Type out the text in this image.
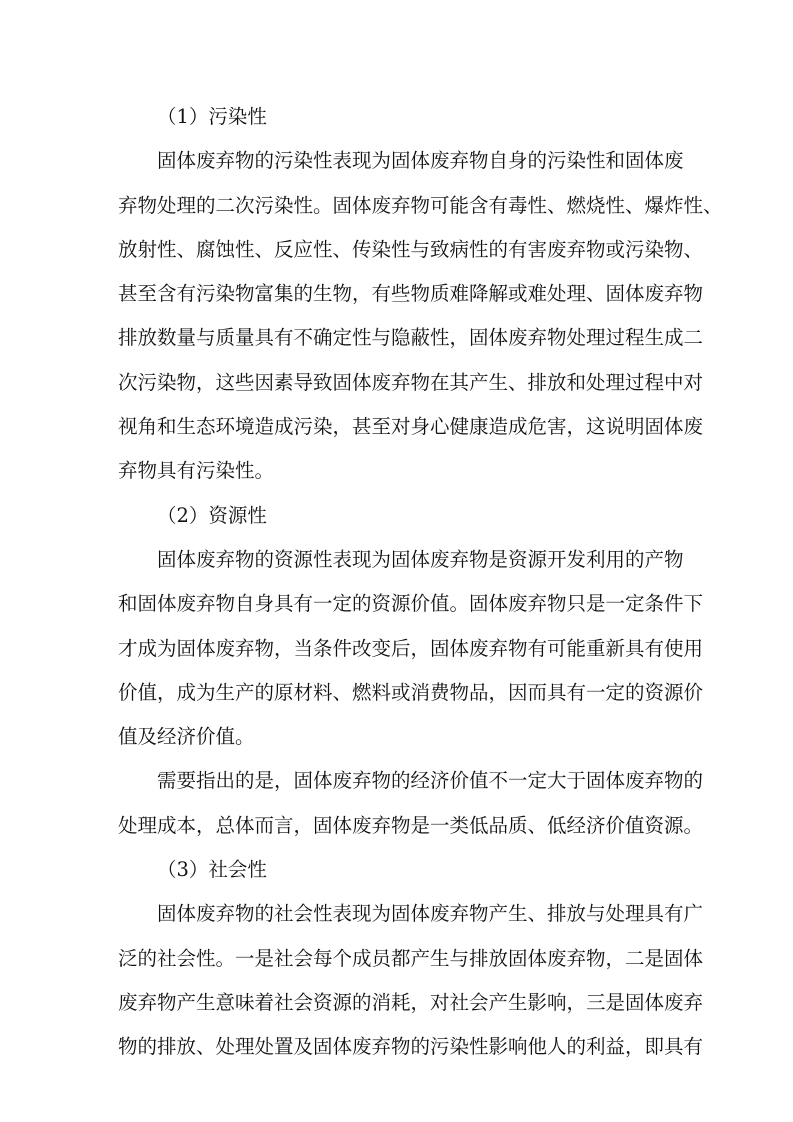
（1）污染性
固体废弃物的污染性表现为固体废弃物自身的污染性和固体废
弃物处理的二次污染性。固体废弃物可能含有毒性、燃烧性、爆炸性、
放射性、腐蚀性、反应性、传染性与致病性的有害废弃物或污染物、
甚至含有污染物富集的生物，有些物质难降解或难处理、固体废弃物
排放数量与质量具有不确定性与隐蔽性，固体废弃物处理过程生成二
次污染物，这些因素导致固体废弃物在其产生、排放和处理过程中对
视角和生态环境造成污染，甚至对身心健康造成危害，这说明固体废
弃物具有污染性。
（2）资源性
固体废弃物的资源性表现为固体废弃物是资源开发利用的产物
和固体废弃物自身具有一定的资源价值。固体废弃物只是一定条件下
才成为固体废弃物，当条件改变后，固体废弃物有可能重新具有使用
价值，成为生产的原材料、燃料或消费物品，因而具有一定的资源价
值及经济价值。
需要指出的是，固体废弃物的经济价值不一定大于固体废弃物的
处理成本，总体而言，固体废弃物是一类低品质、低经济价值资源。
（3）社会性
固体废弃物的社会性表现为固体废弃物产生、排放与处理具有广
泛的社会性。一是社会每个成员都产生与排放固体废弃物，二是固体
废弃物产生意味着社会资源的消耗，对社会产生影响，三是固体废弃
物的排放、处理处置及固体废弃物的污染性影响他人的利益，即具有
